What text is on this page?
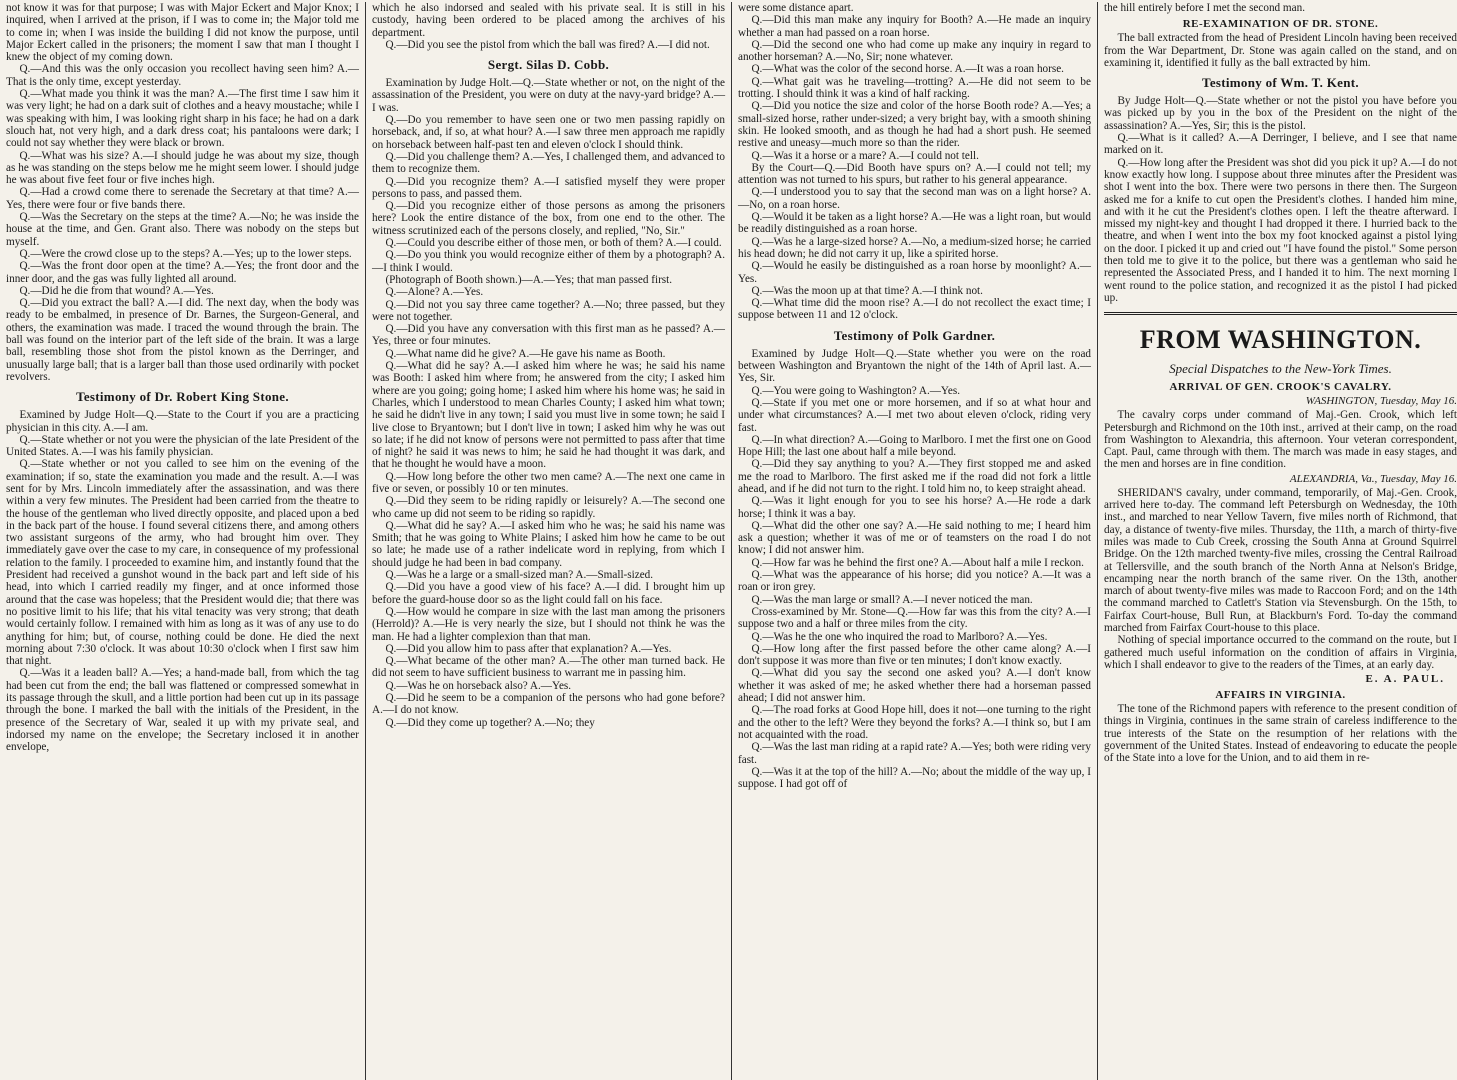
not know it was for that purpose; I was with Major Eckert and Major Knox; I inquired, when I arrived at the prison, if I was to come in; the Major told me to come in; when I was inside the building I did not know the purpose, until Major Eckert called in the prisoners; the moment I saw that man I thought I knew the object of my coming down.

Q.—And this was the only occasion you recollect having seen him? A.—That is the only time, except yesterday.

Q.—What made you think it was the man? A.—The first time I saw him it was very light; he had on a dark suit of clothes and a heavy moustache; while I was speaking with him, I was looking right sharp in his face; he had on a dark slouch hat, not very high, and a dark dress coat; his pantaloons were dark; I could not say whether they were black or brown.

Q.—What was his size? A.—I should judge he was about my size, though as he was standing on the steps below me he might seem lower. I should judge he was about five feet four or five inches high.

Q.—Had a crowd come there to serenade the Secretary at that time? A.—Yes, there were four or five bands there.

Q.—Was the Secretary on the steps at the time? A.—No; he was inside the house at the time, and Gen. Grant also. There was nobody on the steps but myself.

Q.—Were the crowd close up to the steps? A.—Yes; up to the lower steps.

Q.—Was the front door open at the time? A.—Yes; the front door and the inner door, and the gas was fully lighted all around.

Q.—Did he die from that wound? A.—Yes.

Q.—Did you extract the ball? A.—I did. The next day, when the body was ready to be embalmed, in presence of Dr. Barnes, the Surgeon-General, and others, the examination was made. I traced the wound through the brain. The ball was found on the interior part of the left side of the brain. It was a large ball, resembling those shot from the pistol known as the Derringer, and unusually large ball; that is a larger ball than those used ordinarily with pocket revolvers.

Testimony of Dr. Robert King Stone.

Examined by Judge Holt—Q.—State to the Court if you are a practicing physician in this city. A.—I am.

Q.—State whether or not you were the physician of the late President of the United States. A.—I was his family physician.

Q.—State whether or not you called to see him on the evening of the examination; if so, state the examination you made and the result. A.—I was sent for by Mrs. Lincoln immediately after the assassination, and was there within a very few minutes. The President had been carried from the theatre to the house of the gentleman who lived directly opposite, and placed upon a bed in the back part of the house. I found several citizens there, and among others two assistant surgeons of the army, who had brought him over. They immediately gave over the case to my care, in consequence of my professional relation to the family. I proceeded to examine him, and instantly found that the President had received a gunshot wound in the back part and left side of his head, into which I carried readily my finger, and at once informed those around that the case was hopeless; that the President would die; that there was no positive limit to his life; that his vital tenacity was very strong; that death would certainly follow. I remained with him as long as it was of any use to do anything for him; but, of course, nothing could be done. He died the next morning about 7:30 o'clock. It was about 10:30 o'clock when I first saw him that night.

Q.—Was it a leaden ball? A.—Yes; a hand-made ball, from which the tag had been cut from the end; the ball was flattened or compressed somewhat in its passage through the skull, and a little portion had been cut up in its passage through the bone. I marked the ball with the initials of the President, in the presence of the Secretary of War, sealed it up with my private seal, and indorsed my name on the envelope; the Secretary inclosed it in another envelope,

which he also indorsed and sealed with his private seal. It is still in his custody, having been ordered to be placed among the archives of his department.

Q.—Did you see the pistol from which the ball was fired? A.—I did not.

Sergt. Silas D. Cobb.

Examination by Judge Holt.—Q.—State whether or not, on the night of the assassination of the President, you were on duty at the navy-yard bridge? A.—I was.

Q.—Do you remember to have seen one or two men passing rapidly on horseback, and, if so, at what hour? A.—I saw three men approach me rapidly on horseback between half-past ten and eleven o'clock I should think.

Q.—Did you challenge them? A.—Yes, I challenged them, and advanced to them to recognize them.

Q.—Did you recognize them? A.—I satisfied myself they were proper persons to pass, and passed them.

Q.—Did you recognize either of those persons as among the prisoners here? Look the entire distance of the box, from one end to the other. The witness scrutinized each of the persons closely, and replied, "No, Sir."

Q.—Could you describe either of those men, or both of them? A.—I could.

Q.—Do you think you would recognize either of them by a photograph? A.—I think I would.

(Photograph of Booth shown.)—A.—Yes; that man passed first.

Q.—Alone? A.—Yes.

Q.—Did not you say three came together? A.—No; three passed, but they were not together.

Q.—Did you have any conversation with this first man as he passed? A.—Yes, three or four minutes.

Q.—What name did he give? A.—He gave his name as Booth.

Q.—What did he say? A.—I asked him where he was; he said his name was Booth: I asked him where from; he answered from the city; I asked him where are you going; going home; I asked him where his home was; he said in Charles, which I understood to mean Charles County; I asked him what town; he said he didn't live in any town; I said you must live in some town; he said I live close to Bryantown; but I don't live in town; I asked him why he was out so late; if he did not know of persons were not permitted to pass after that time of night? he said it was news to him; he said he had thought it was dark, and that he thought he would have a moon.

Q.—How long before the other two men came? A.—The next one came in five or seven, or possibly 10 or ten minutes.

Q.—Did they seem to be riding rapidly or leisurely? A.—The second one who came up did not seem to be riding so rapidly.

Q.—What did he say? A.—I asked him who he was; he said his name was Smith; that he was going to White Plains; I asked him how he came to be out so late; he made use of a rather indelicate word in replying, from which I should judge he had been in bad company.

Q.—Was he a large or a small-sized man? A.—Small-sized.

Q.—Did you have a good view of his face? A.—I did. I brought him up before the guard-house door so as the light could fall on his face.

Q.—How would he compare in size with the last man among the prisoners (Herrold)? A.—He is very nearly the size, but I should not think he was the man. He had a lighter complexion than that man.

Q.—Did you allow him to pass after that explanation? A.—Yes.

Q.—What became of the other man? A.—The other man turned back. He did not seem to have sufficient business to warrant me in passing him.

Q.—Was he on horseback also? A.—Yes.

Q.—Did he seem to be a companion of the persons who had gone before? A.—I do not know.

Q.—Did they come up together? A.—No; they

were some distance apart.

Q.—Did this man make any inquiry for Booth? A.—He made an inquiry whether a man had passed on a roan horse.

Q.—Did the second one who had come up make any inquiry in regard to another horseman? A.—No, Sir; none whatever.

Q.—What was the color of the second horse. A.—It was a roan horse.

Q.—What gait was he traveling—trotting? A.—He did not seem to be trotting. I should think it was a kind of half racking.

Q.—Did you notice the size and color of the horse Booth rode? A.—Yes; a small-sized horse, rather under-sized; a very bright bay, with a smooth shining skin. He looked smooth, and as though he had had a short push. He seemed restive and uneasy—much more so than the rider.

Q.—Was it a horse or a mare? A.—I could not tell.

By the Court—Q.—Did Booth have spurs on? A.—I could not tell; my attention was not turned to his spurs, but rather to his general appearance.

Q.—I understood you to say that the second man was on a light horse? A.—No, on a roan horse.

Q.—Would it be taken as a light horse? A.—He was a light roan, but would be readily distinguished as a roan horse.

Q.—Was he a large-sized horse? A.—No, a medium-sized horse; he carried his head down; he did not carry it up, like a spirited horse.

Q.—Would he easily be distinguished as a roan horse by moonlight? A.—Yes.

Q.—Was the moon up at that time? A.—I think not.

Q.—What time did the moon rise? A.—I do not recollect the exact time; I suppose between 11 and 12 o'clock.

Testimony of Polk Gardner.

Examined by Judge Holt—Q.—State whether you were on the road between Washington and Bryantown the night of the 14th of April last. A.—Yes, Sir.

Q.—You were going to Washington? A.—Yes.

Q.—State if you met one or more horsemen, and if so at what hour and under what circumstances? A.—I met two about eleven o'clock, riding very fast.

Q.—In what direction? A.—Going to Marlboro. I met the first one on Good Hope Hill; the last one about half a mile beyond.

Q.—Did they say anything to you? A.—They first stopped me and asked me the road to Marlboro. The first asked me if the road did not fork a little ahead, and if he did not turn to the right. I told him no, to keep straight ahead.

Q.—Was it light enough for you to see his horse? A.—He rode a dark horse; I think it was a bay.

Q.—What did the other one say? A.—He said nothing to me; I heard him ask a question; whether it was of me or of teamsters on the road I do not know; I did not answer him.

Q.—How far was he behind the first one? A.—About half a mile I reckon.

Q.—What was the appearance of his horse; did you notice? A.—It was a roan or iron grey.

Q.—Was the man large or small? A.—I never noticed the man.

Cross-examined by Mr. Stone—Q.—How far was this from the city? A.—I suppose two and a half or three miles from the city.

Q.—Was he the one who inquired the road to Marlboro? A.—Yes.

Q.—How long after the first passed before the other came along? A.—I don't suppose it was more than five or ten minutes; I don't know exactly.

Q.—What did you say the second one asked you? A.—I don't know whether it was asked of me; he asked whether there had a horseman passed ahead; I did not answer him.

Q.—The road forks at Good Hope hill, does it not—one turning to the right and the other to the left? Were they beyond the forks? A.—I think so, but I am not acquainted with the road.

Q.—Was the last man riding at a rapid rate? A.—Yes; both were riding very fast.

Q.—Was it at the top of the hill? A.—No; about the middle of the way up, I suppose. I had got off of

the hill entirely before I met the second man.

RE-EXAMINATION OF DR. STONE.

The ball extracted from the head of President Lincoln having been received from the War Department, Dr. Stone was again called on the stand, and on examining it, identified it fully as the ball extracted by him.

Testimony of Wm. T. Kent.

By Judge Holt—Q.—State whether or not the pistol you have before you was picked up by you in the box of the President on the night of the assassination? A.—Yes, Sir; this is the pistol.

Q.—What is it called? A.—A Derringer, I believe, and I see that name marked on it.

Q.—How long after the President was shot did you pick it up? A.—I do not know exactly how long. I suppose about three minutes after the President was shot I went into the box. There were two persons in there then. The Surgeon asked me for a knife to cut open the President's clothes. I handed him mine, and with it he cut the President's clothes open. I left the theatre afterward. I missed my night-key and thought I had dropped it there. I hurried back to the theatre, and when I went into the box my foot knocked against a pistol lying on the door. I picked it up and cried out "I have found the pistol." Some person then told me to give it to the police, but there was a gentleman who said he represented the Associated Press, and I handed it to him. The next morning I went round to the police station, and recognized it as the pistol I had picked up.

FROM WASHINGTON.
Special Dispatches to the New-York Times.
ARRIVAL OF GEN. CROOK'S CAVALRY.
WASHINGTON, Tuesday, May 16.

The cavalry corps under command of Maj.-Gen. Crook, which left Petersburgh and Richmond on the 10th inst., arrived at their camp, on the road from Washington to Alexandria, this afternoon. Your veteran correspondent, Capt. Paul, came through with them. The march was made in easy stages, and the men and horses are in fine condition.

ALEXANDRIA, Va., Tuesday, May 16.

SHERIDAN'S cavalry, under command, temporarily, of Maj.-Gen. Crook, arrived here to-day. The command left Petersburgh on Wednesday, the 10th inst., and marched to near Yellow Tavern, five miles north of Richmond, that day, a distance of twenty-five miles. Thursday, the 11th, a march of thirty-five miles was made to Cub Creek, crossing the South Anna at Ground Squirrel Bridge. On the 12th marched twenty-five miles, crossing the Central Railroad at Tellersville, and the south branch of the North Anna at Nelson's Bridge, encamping near the north branch of the same river. On the 13th, another march of about twenty-five miles was made to Raccoon Ford; and on the 14th the command marched to Catlett's Station via Stevensburgh. On the 15th, to Fairfax Court-house, Bull Run, at Blackburn's Ford. To-day the command marched from Fairfax Court-house to this place.

Nothing of special importance occurred to the command on the route, but I gathered much useful information on the condition of affairs in Virginia, which I shall endeavor to give to the readers of the Times, at an early day.

E. A. PAUL.
AFFAIRS IN VIRGINIA.

The tone of the Richmond papers with reference to the present condition of things in Virginia, continues in the same strain of careless indifference to the true interests of the State on the resumption of her relations with the government of the United States. Instead of endeavoring to educate the people of the State into a love for the Union, and to aid them in re-
